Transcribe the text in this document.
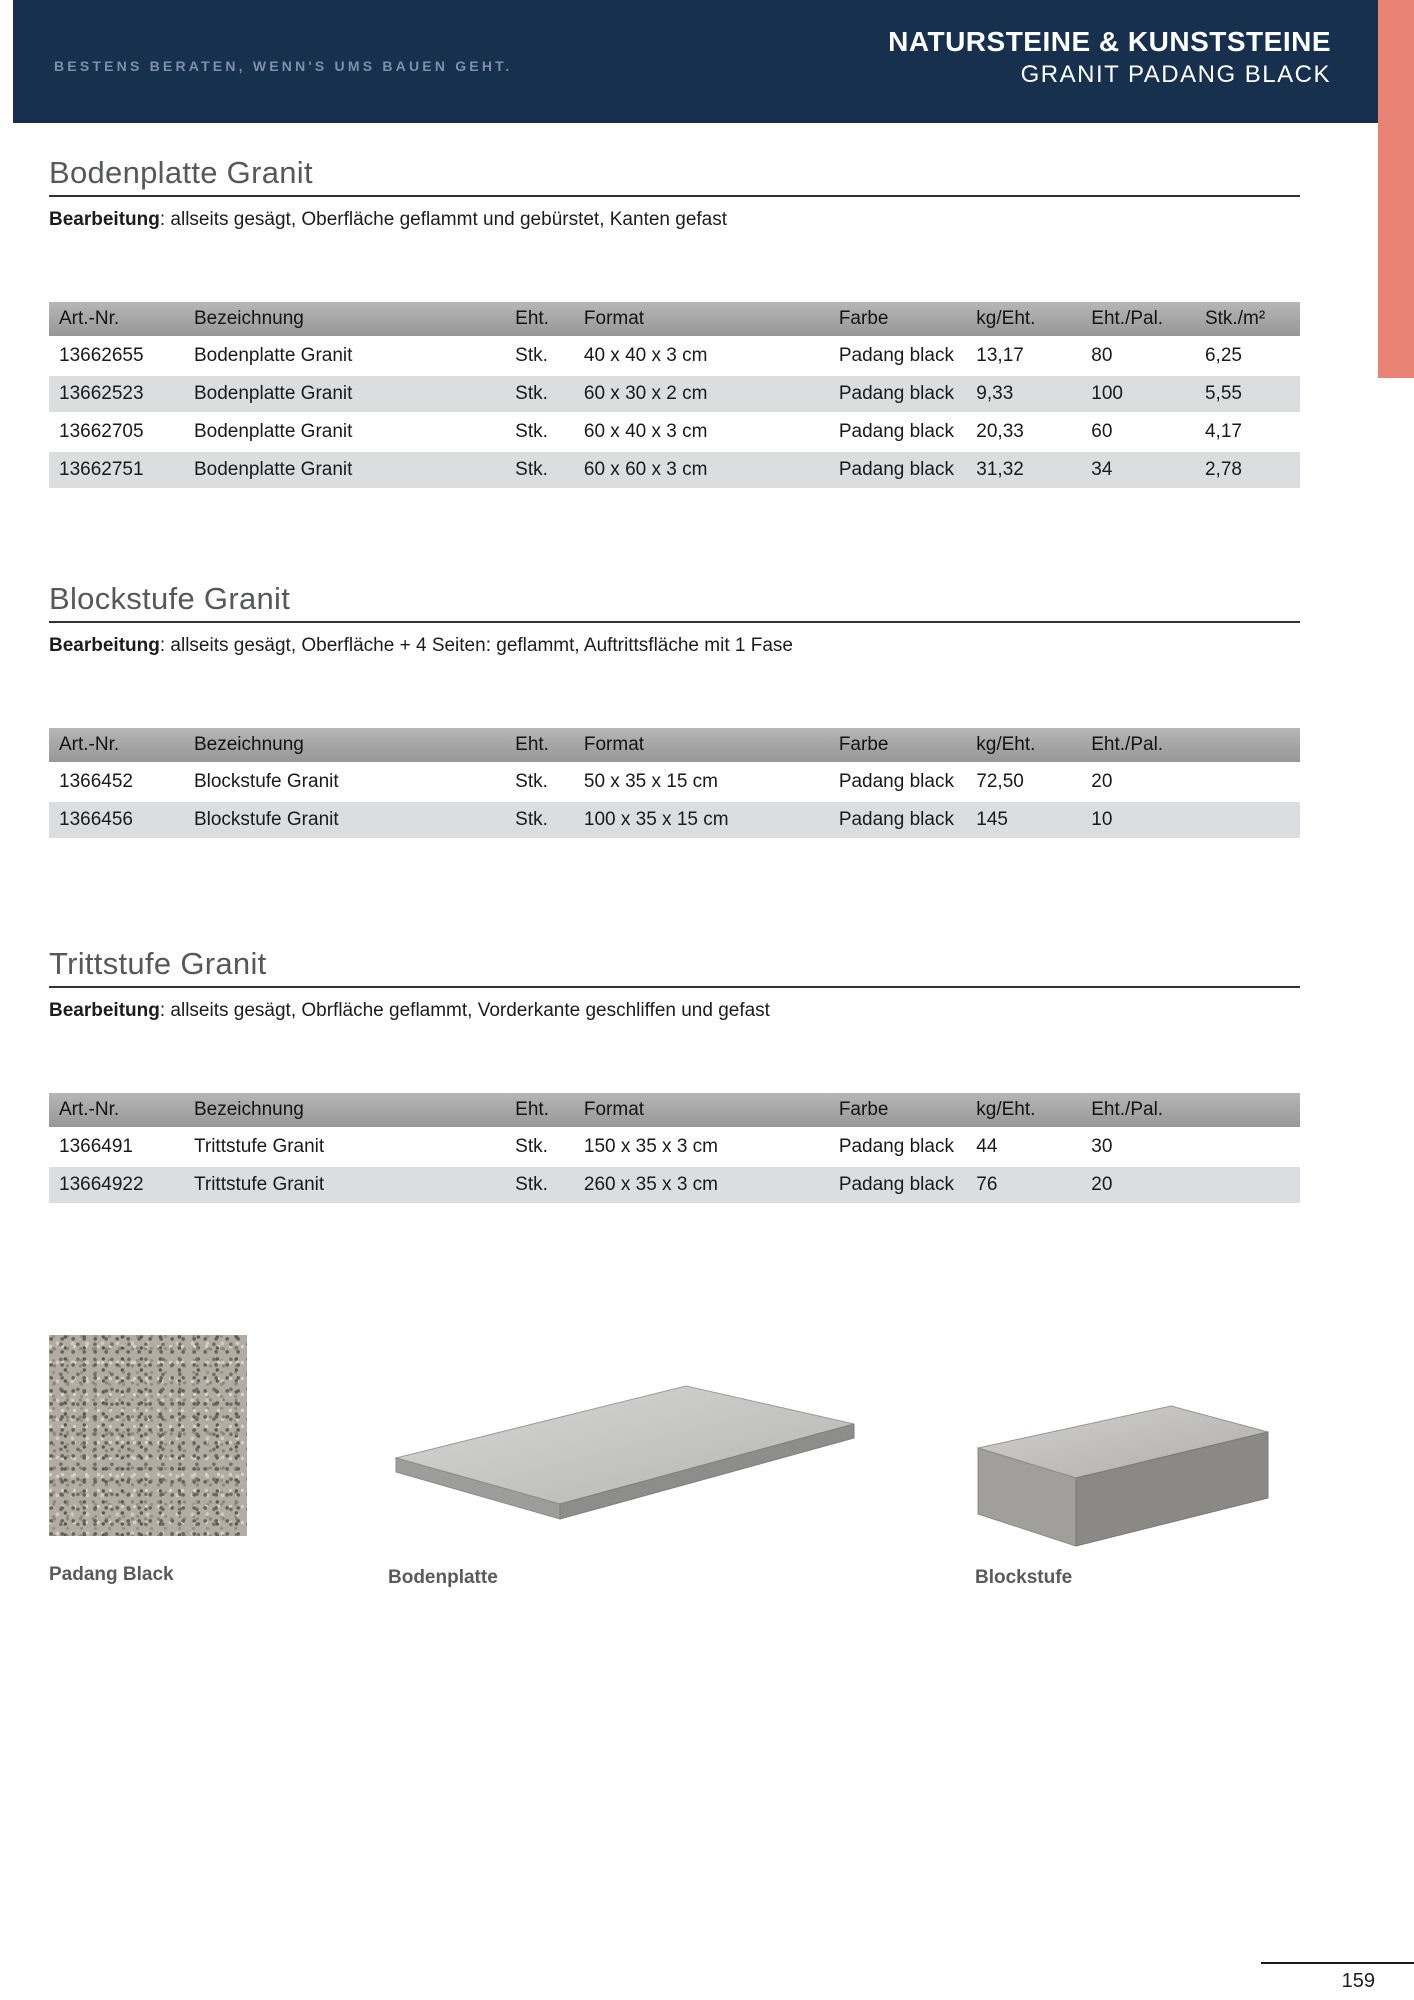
BESTENS BERATEN, WENN'S UMS BAUEN GEHT.
NATURSTEINE & KUNSTSTEINE
GRANIT PADANG BLACK
Bodenplatte Granit

Bearbeitung: allseits gesägt, Oberfläche geflammt und gebürstet, Kanten gefast

Art.-Nr.	Bezeichnung	Eht.	Format	Farbe	kg/Eht.	Eht./Pal.	Stk./m²
13662655	Bodenplatte Granit	Stk.	40 x 40 x 3 cm	Padang black	13,17	80	6,25
13662523	Bodenplatte Granit	Stk.	60 x 30 x 2 cm	Padang black	9,33	100	5,55
13662705	Bodenplatte Granit	Stk.	60 x 40 x 3 cm	Padang black	20,33	60	4,17
13662751	Bodenplatte Granit	Stk.	60 x 60 x 3 cm	Padang black	31,32	34	2,78
Blockstufe Granit

Bearbeitung: allseits gesägt, Oberfläche + 4 Seiten: geflammt, Auftrittsfläche mit 1 Fase

Art.-Nr.	Bezeichnung	Eht.	Format	Farbe	kg/Eht.	Eht./Pal.
1366452	Blockstufe Granit	Stk.	50 x 35 x 15 cm	Padang black	72,50	20
1366456	Blockstufe Granit	Stk.	100 x 35 x 15 cm	Padang black	145	10
Trittstufe Granit

Bearbeitung: allseits gesägt, Obrfläche geflammt, Vorderkante geschliffen und gefast

Art.-Nr.	Bezeichnung	Eht.	Format	Farbe	kg/Eht.	Eht./Pal.
1366491	Trittstufe Granit	Stk.	150 x 35 x 3 cm	Padang black	44	30
13664922	Trittstufe Granit	Stk.	260 x 35 x 3 cm	Padang black	76	20
Padang Black	Bodenplatte	Blockstufe
159
